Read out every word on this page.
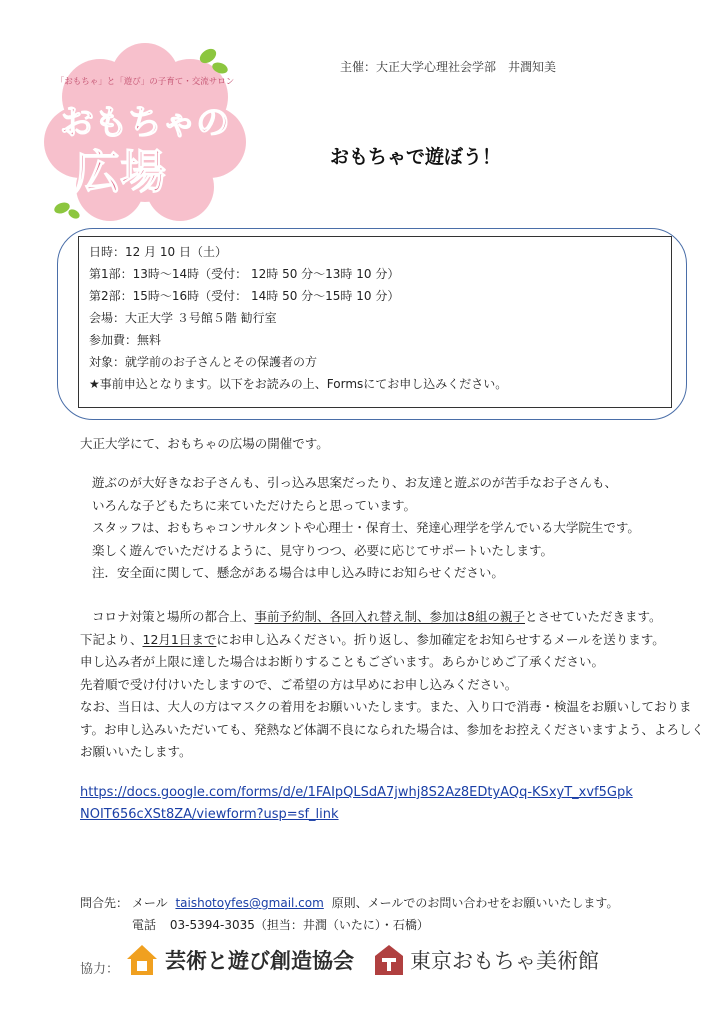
「おもちゃ」と「遊び」の子育て・交流サロン
おもちゃの
広場
主催：大正大学心理社会学部　井潤知美
おもちゃで遊ぼう！
日時：12 月 10 日（土）
第1部：13時～14時（受付： 12時 50 分～13時 10 分）
第2部：15時～16時（受付： 14時 50 分～15時 10 分）
会場：大正大学 ３号館５階 勧行室
参加費：無料
対象：就学前のお子さんとその保護者の方
★事前申込となります。以下をお読みの上、Formsにてお申し込みください。
大正大学にて、おもちゃの広場の開催です。
遊ぶのが大好きなお子さんも、引っ込み思案だったり、お友達と遊ぶのが苦手なお子さんも、
いろんな子どもたちに来ていただけたらと思っています。
スタッフは、おもちゃコンサルタントや心理士・保育士、発達心理学を学んでいる大学院生です。
楽しく遊んでいただけるように、見守りつつ、必要に応じてサポートいたします。
注．安全面に関して、懸念がある場合は申し込み時にお知らせください。
コロナ対策と場所の都合上、事前予約制、各回入れ替え制、参加は8組の親子とさせていただきます。
下記より、12月1日までにお申し込みください。折り返し、参加確定をお知らせするメールを送ります。
申し込み者が上限に達した場合はお断りすることもございます。あらかじめご了承ください。
先着順で受け付けいたしますので、ご希望の方は早めにお申し込みください。
なお、当日は、大人の方はマスクの着用をお願いいたします。また、入り口で消毒・検温をお願いしておりま
す。お申し込みいただいても、発熱など体調不良になられた場合は、参加をお控えくださいますよう、よろしく
お願いいたします。
https://docs.google.com/forms/d/e/1FAIpQLSdA7jwhj8S2Az8EDtyAQq-KSxyT_xvf5GpkNOIT656cXSt8ZA/viewform?usp=sf_link
問合先： メール taishotoyfes@gmail.com 原則、メールでのお問い合わせをお願いいたします。
電話 03-5394-3035（担当：井潤（いたに）・石橋）
協力： 芸術と遊び創造協会	東京おもちゃ美術館
